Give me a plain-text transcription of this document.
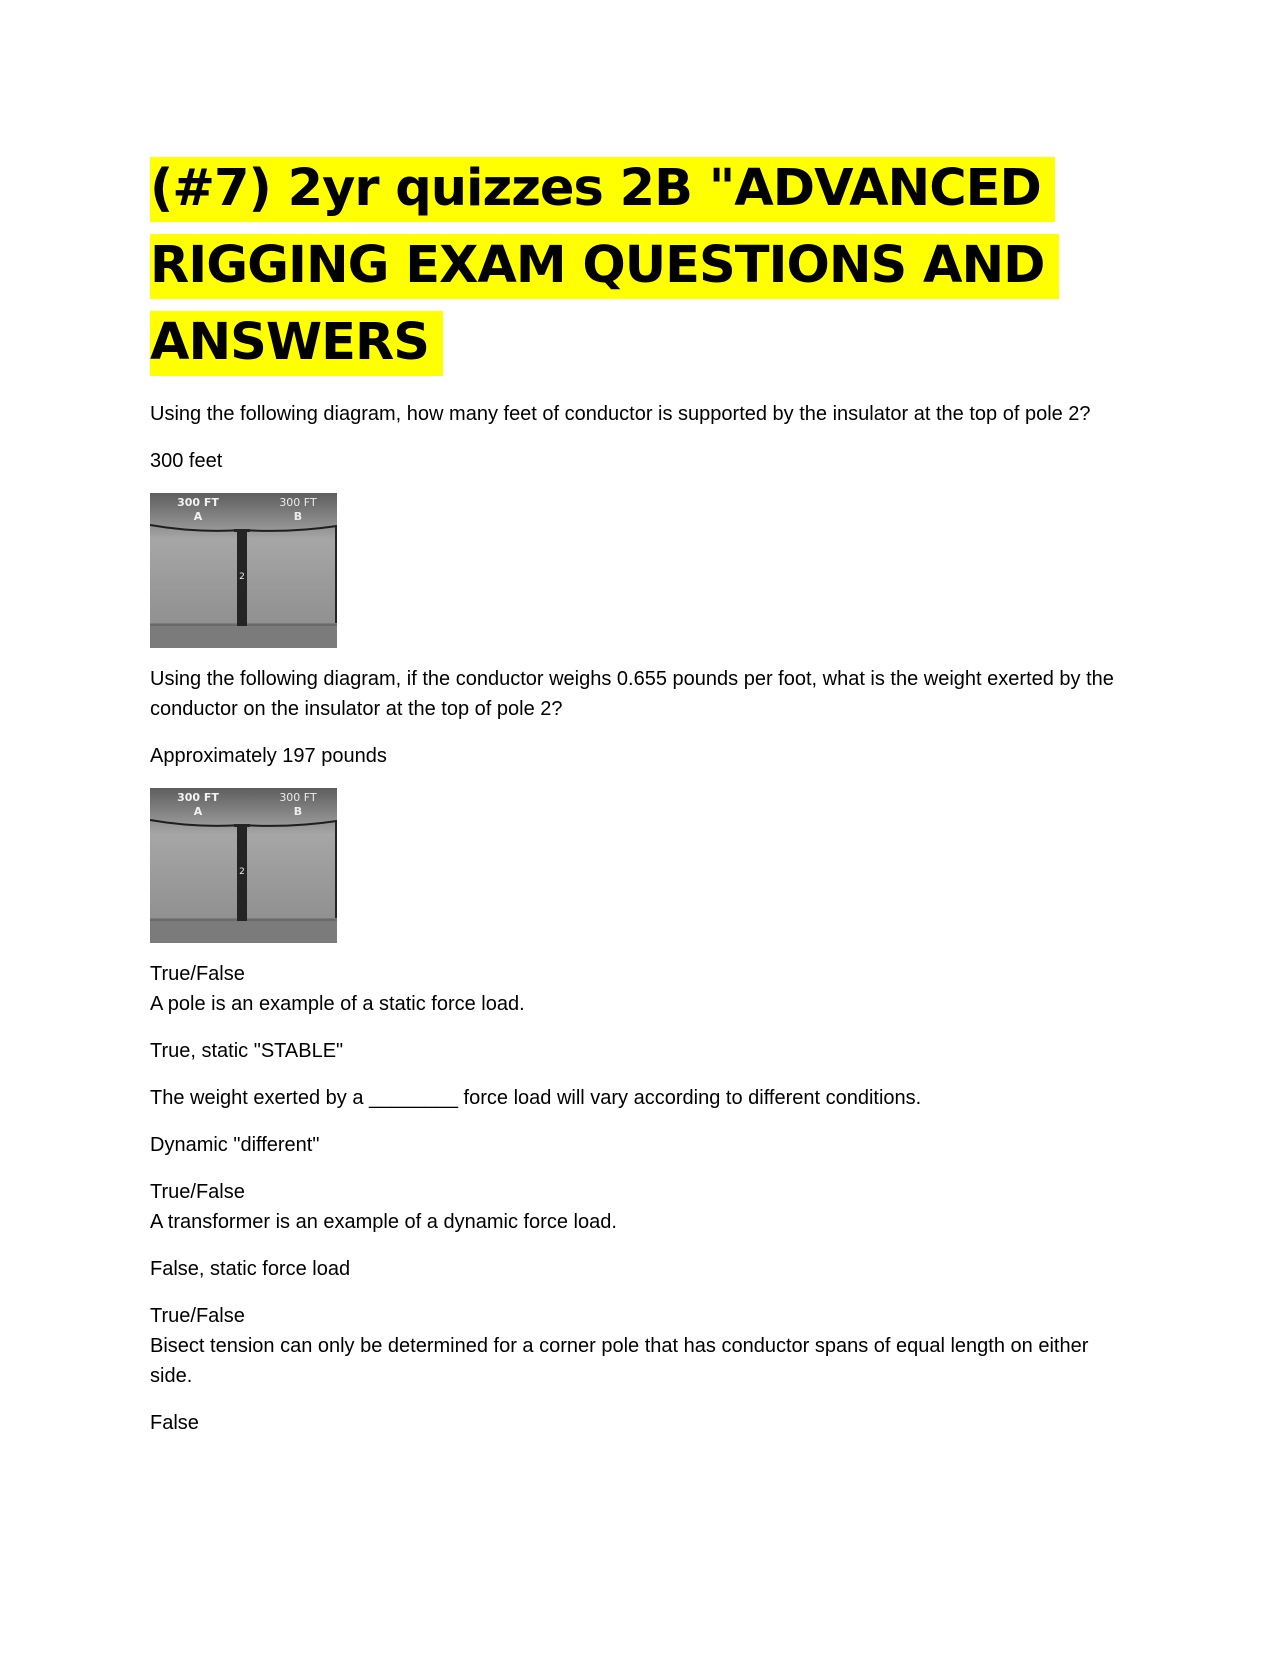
(#7) 2yr quizzes 2B "ADVANCED
RIGGING EXAM QUESTIONS AND
ANSWERS

Using the following diagram, how many feet of conductor is supported by the insulator at the top of pole 2?

300 feet

300 FT
A
300 FT
B
2

Using the following diagram, if the conductor weighs 0.655 pounds per foot, what is the weight exerted by the conductor on the insulator at the top of pole 2?

Approximately 197 pounds

300 FT
A
300 FT
B
2

True/False

A pole is an example of a static force load.

True, static "STABLE"

The weight exerted by a ________ force load will vary according to different conditions.

Dynamic "different"

True/False

A transformer is an example of a dynamic force load.

False, static force load

True/False

Bisect tension can only be determined for a corner pole that has conductor spans of equal length on either side.

False
